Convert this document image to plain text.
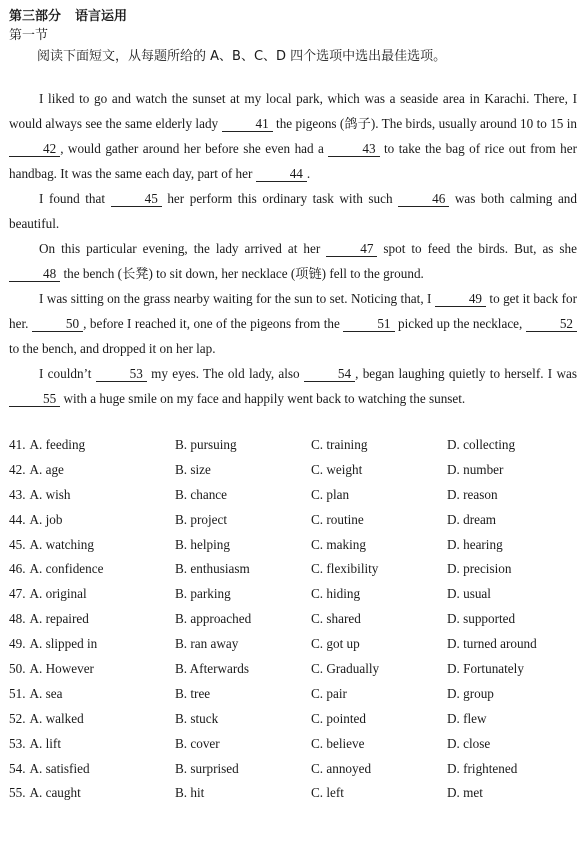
第三部分 语言运用
第一节
阅读下面短文，从每题所给的 A、B、C、D 四个选项中选出最佳选项。

I liked to go and watch the sunset at my local park, which was a seaside area in Karachi. There, I would always see the same elderly lady	41 the pigeons (鸽子). The birds, usually around 10 to 15 in 42 , would gather around her before she even had a	43 to take the bag of rice out from her handbag. It was the same each day, part of her	44 .

I found that	45 her perform this ordinary task with such	46 was both calming and beautiful.

On this particular evening, the lady arrived at her	47 spot to feed the birds. But, as she 48 the bench (长凳) to sit down, her necklace (项链) fell to the ground.

I was sitting on the grass nearby waiting for the sun to set. Noticing that, I	49 to get it back for her.	50 , before I reached it, one of the pigeons from the	51 picked up the necklace,	52 to the bench, and dropped it on her lap.

I couldn’t	53 my eyes. The old lady, also	54 , began laughing quietly to herself. I was 55 with a huge smile on my face and happily went back to watching the sunset.

41. A. feeding	B. pursuing	C. training	D. collecting
42. A. age	B. size	C. weight	D. number
43. A. wish	B. chance	C. plan	D. reason
44. A. job	B. project	C. routine	D. dream
45. A. watching	B. helping	C. making	D. hearing
46. A. confidence	B. enthusiasm	C. flexibility	D. precision
47. A. original	B. parking	C. hiding	D. usual
48. A. repaired	B. approached	C. shared	D. supported
49. A. slipped in	B. ran away	C. got up	D. turned around
50. A. However	B. Afterwards	C. Gradually	D. Fortunately
51. A. sea	B. tree	C. pair	D. group
52. A. walked	B. stuck	C. pointed	D. flew
53. A. lift	B. cover	C. believe	D. close
54. A. satisfied	B. surprised	C. annoyed	D. frightened
55. A. caught	B. hit	C. left	D. met
